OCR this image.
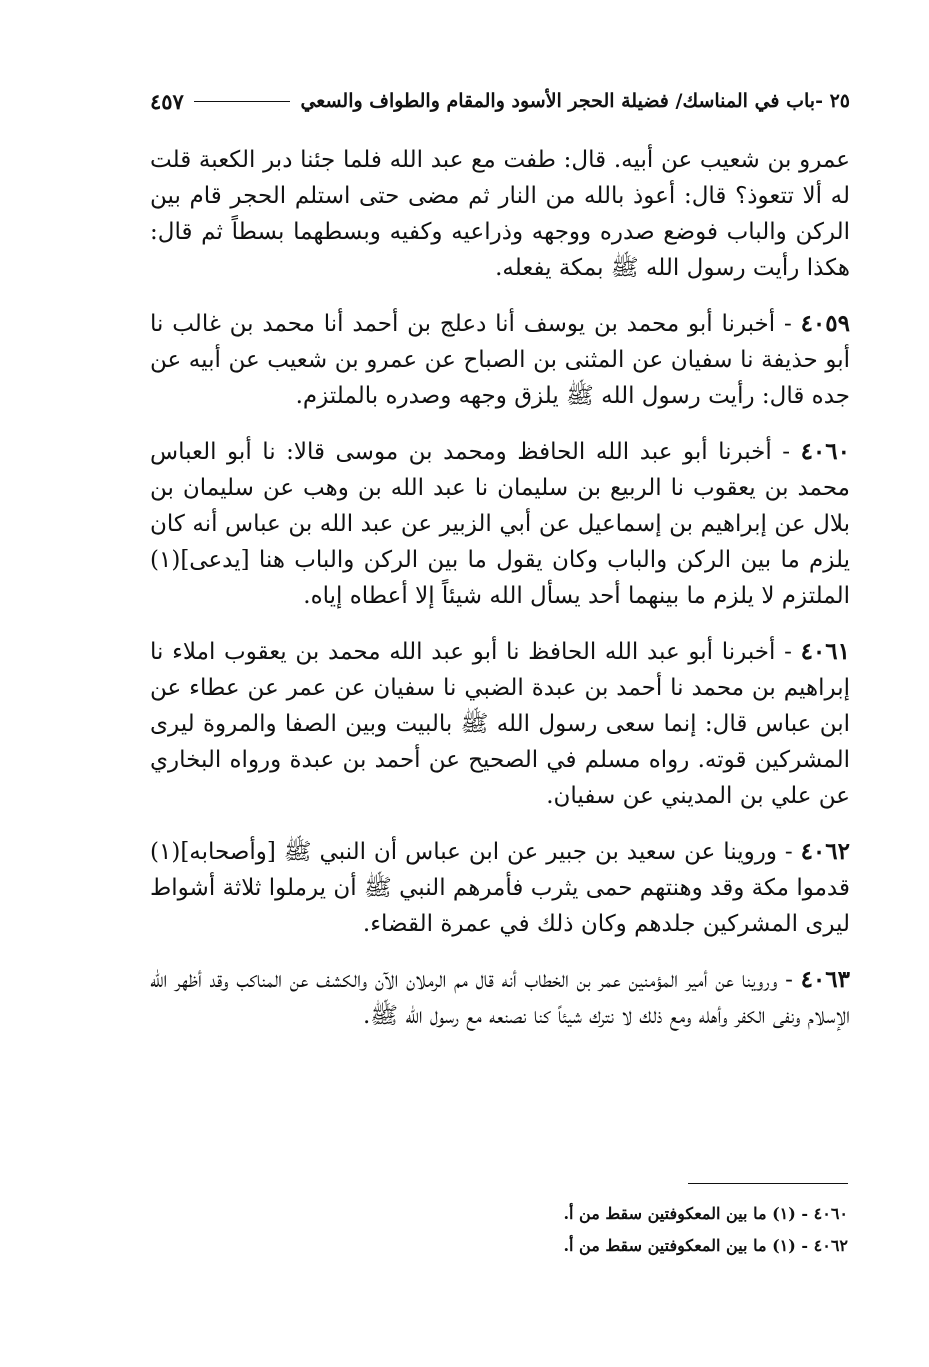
٢٥ -باب في المناسك/ فضيلة الحجر الأسود والمقام والطواف والسعي
٤٥٧

عمرو بن شعيب عن أبيه. قال: طفت مع عبد الله فلما جئنا دبر الكعبة قلت له ألا تتعوذ؟ قال: أعوذ بالله من النار ثم مضى حتى استلم الحجر قام بين الركن والباب فوضع صدره ووجهه وذراعيه وكفيه وبسطهما بسطاً ثم قال: هكذا رأيت رسول الله ﷺ بمكة يفعله.

٤٠٥٩ - أخبرنا أبو محمد بن يوسف أنا دعلج بن أحمد أنا محمد بن غالب نا أبو حذيفة نا سفيان عن المثنى بن الصباح عن عمرو بن شعيب عن أبيه عن جده قال: رأيت رسول الله ﷺ يلزق وجهه وصدره بالملتزم.

٤٠٦٠ - أخبرنا أبو عبد الله الحافظ ومحمد بن موسى قالا: نا أبو العباس محمد بن يعقوب نا الربيع بن سليمان نا عبد الله بن وهب عن سليمان بن بلال عن إبراهيم بن إسماعيل عن أبي الزبير عن عبد الله بن عباس أنه كان يلزم ما بين الركن والباب وكان يقول ما بين الركن والباب هنا [يدعى](١) الملتزم لا يلزم ما بينهما أحد يسأل الله شيئاً إلا أعطاه إياه.

٤٠٦١ - أخبرنا أبو عبد الله الحافظ نا أبو عبد الله محمد بن يعقوب املاء نا إبراهيم بن محمد نا أحمد بن عبدة الضبي نا سفيان عن عمر عن عطاء عن ابن عباس قال: إنما سعى رسول الله ﷺ بالبيت وبين الصفا والمروة ليرى المشركين قوته. رواه مسلم في الصحيح عن أحمد بن عبدة ورواه البخاري عن علي بن المديني عن سفيان.

٤٠٦٢ - وروينا عن سعيد بن جبير عن ابن عباس أن النبي ﷺ [وأصحابه](١) قدموا مكة وقد وهنتهم حمى يثرب فأمرهم النبي ﷺ أن يرملوا ثلاثة أشواط ليرى المشركين جلدهم وكان ذلك في عمرة القضاء.

٤٠٦٣ - وروينا عن أمير المؤمنين عمر بن الخطاب أنه قال مم الرملان الآن والكشف عن المناكب وقد أظهر الله الإسلام ونفى الكفر وأهله ومع ذلك لا نترك شيئاً كنا نصنعه مع رسول الله ﷺ.

٤٠٦٠ - (١) ما بين المعكوفتين سقط من أ.
٤٠٦٢ - (١) ما بين المعكوفتين سقط من أ.
